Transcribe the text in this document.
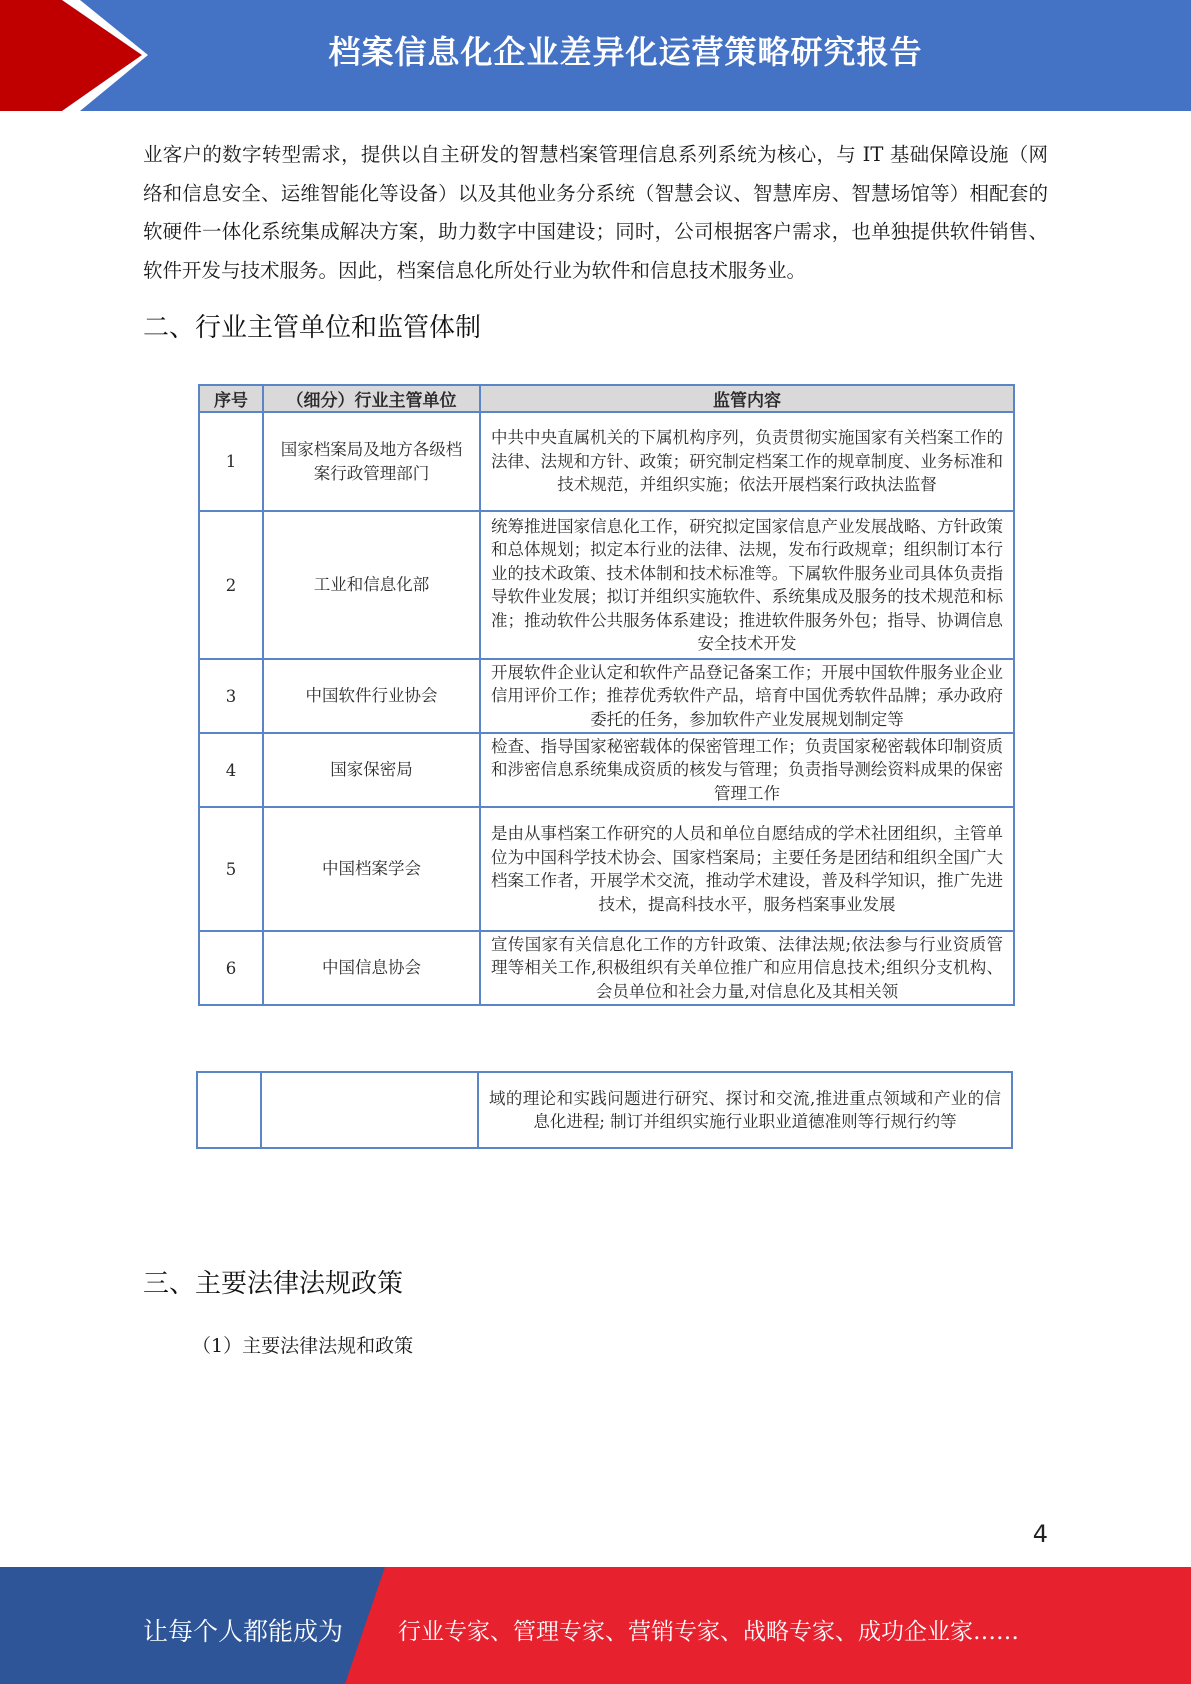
档案信息化企业差异化运营策略研究报告

业客户的数字转型需求，提供以自主研发的智慧档案管理信息系列系统为核心，与 IT 基础保障设施（网络和信息安全、运维智能化等设备）以及其他业务分系统（智慧会议、智慧库房、智慧场馆等）相配套的软硬件一体化系统集成解决方案，助力数字中国建设；同时，公司根据客户需求，也单独提供软件销售、软件开发与技术服务。因此，档案信息化所处行业为软件和信息技术服务业。

二、行业主管单位和监管体制
序号	（细分）行业主管单位	监管内容
1	国家档案局及地方各级档案行政管理部门	中共中央直属机关的下属机构序列，负责贯彻实施国家有关档案工作的法律、法规和方针、政策；研究制定档案工作的规章制度、业务标准和技术规范，并组织实施；依法开展档案行政执法监督
2	工业和信息化部	统筹推进国家信息化工作，研究拟定国家信息产业发展战略、方针政策和总体规划；拟定本行业的法律、法规，发布行政规章；组织制订本行业的技术政策、技术体制和技术标准等。下属软件服务业司具体负责指导软件业发展；拟订并组织实施软件、系统集成及服务的技术规范和标准；推动软件公共服务体系建设；推进软件服务外包；指导、协调信息安全技术开发
3	中国软件行业协会	开展软件企业认定和软件产品登记备案工作；开展中国软件服务业企业信用评价工作；推荐优秀软件产品，培育中国优秀软件品牌；承办政府委托的任务，参加软件产业发展规划制定等
4	国家保密局	检查、指导国家秘密载体的保密管理工作；负责国家秘密载体印制资质和涉密信息系统集成资质的核发与管理；负责指导测绘资料成果的保密管理工作
5	中国档案学会	是由从事档案工作研究的人员和单位自愿结成的学术社团组织，主管单位为中国科学技术协会、国家档案局；主要任务是团结和组织全国广大档案工作者，开展学术交流，推动学术建设，普及科学知识，推广先进技术，提高科技水平，服务档案事业发展
6	中国信息协会	宣传国家有关信息化工作的方针政策、法律法规;依法参与行业资质管理等相关工作,积极组织有关单位推广和应用信息技术;组织分支机构、会员单位和社会力量,对信息化及其相关领
		域的理论和实践问题进行研究、探讨和交流,推进重点领域和产业的信息化进程; 制订并组织实施行业职业道德准则等行规行约等
三、主要法律法规政策

（1）主要法律法规和政策

4

让每个人都能成为 行业专家、管理专家、营销专家、战略专家、成功企业家……
